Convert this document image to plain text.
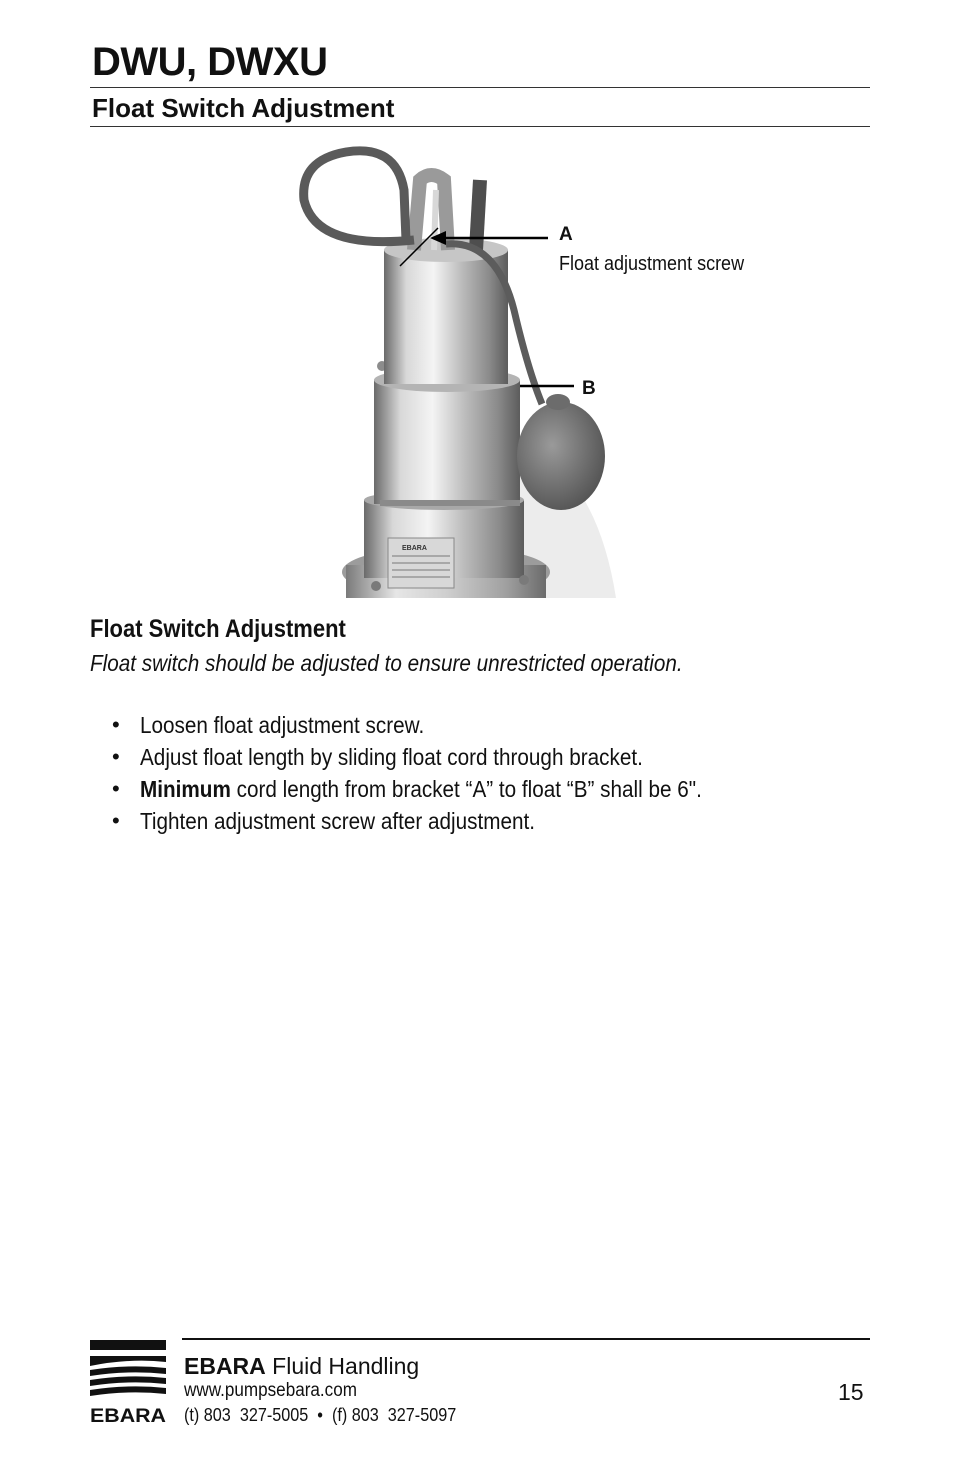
DWU, DWXU
Float Switch Adjustment
EBARA
A
Float adjustment screw
B
Float Switch Adjustment
Float switch should be adjusted to ensure unrestricted operation.
• Loosen float adjustment screw.
• Adjust float length by sliding float cord through bracket.
• Minimum cord length from bracket “A” to float “B” shall be 6".
• Tighten adjustment screw after adjustment.
EBARA
EBARA Fluid Handling
www.pumpsebara.com
(t) 803  327-5005  •  (f) 803  327-5097
15
